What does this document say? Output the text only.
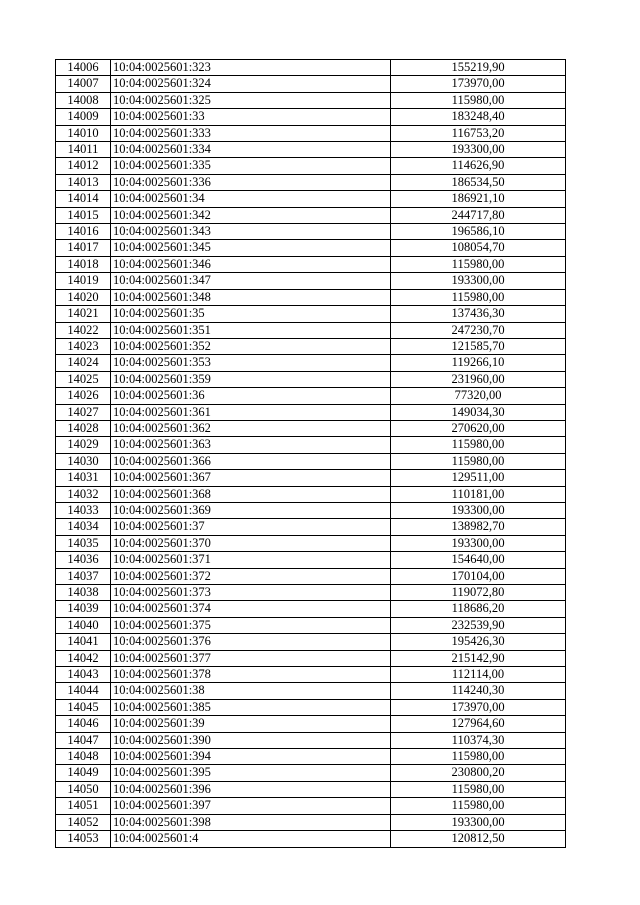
14006	10:04:0025601:323	155219,90
14007	10:04:0025601:324	173970,00
14008	10:04:0025601:325	115980,00
14009	10:04:0025601:33	183248,40
14010	10:04:0025601:333	116753,20
14011	10:04:0025601:334	193300,00
14012	10:04:0025601:335	114626,90
14013	10:04:0025601:336	186534,50
14014	10:04:0025601:34	186921,10
14015	10:04:0025601:342	244717,80
14016	10:04:0025601:343	196586,10
14017	10:04:0025601:345	108054,70
14018	10:04:0025601:346	115980,00
14019	10:04:0025601:347	193300,00
14020	10:04:0025601:348	115980,00
14021	10:04:0025601:35	137436,30
14022	10:04:0025601:351	247230,70
14023	10:04:0025601:352	121585,70
14024	10:04:0025601:353	119266,10
14025	10:04:0025601:359	231960,00
14026	10:04:0025601:36	77320,00
14027	10:04:0025601:361	149034,30
14028	10:04:0025601:362	270620,00
14029	10:04:0025601:363	115980,00
14030	10:04:0025601:366	115980,00
14031	10:04:0025601:367	129511,00
14032	10:04:0025601:368	110181,00
14033	10:04:0025601:369	193300,00
14034	10:04:0025601:37	138982,70
14035	10:04:0025601:370	193300,00
14036	10:04:0025601:371	154640,00
14037	10:04:0025601:372	170104,00
14038	10:04:0025601:373	119072,80
14039	10:04:0025601:374	118686,20
14040	10:04:0025601:375	232539,90
14041	10:04:0025601:376	195426,30
14042	10:04:0025601:377	215142,90
14043	10:04:0025601:378	112114,00
14044	10:04:0025601:38	114240,30
14045	10:04:0025601:385	173970,00
14046	10:04:0025601:39	127964,60
14047	10:04:0025601:390	110374,30
14048	10:04:0025601:394	115980,00
14049	10:04:0025601:395	230800,20
14050	10:04:0025601:396	115980,00
14051	10:04:0025601:397	115980,00
14052	10:04:0025601:398	193300,00
14053	10:04:0025601:4	120812,50
